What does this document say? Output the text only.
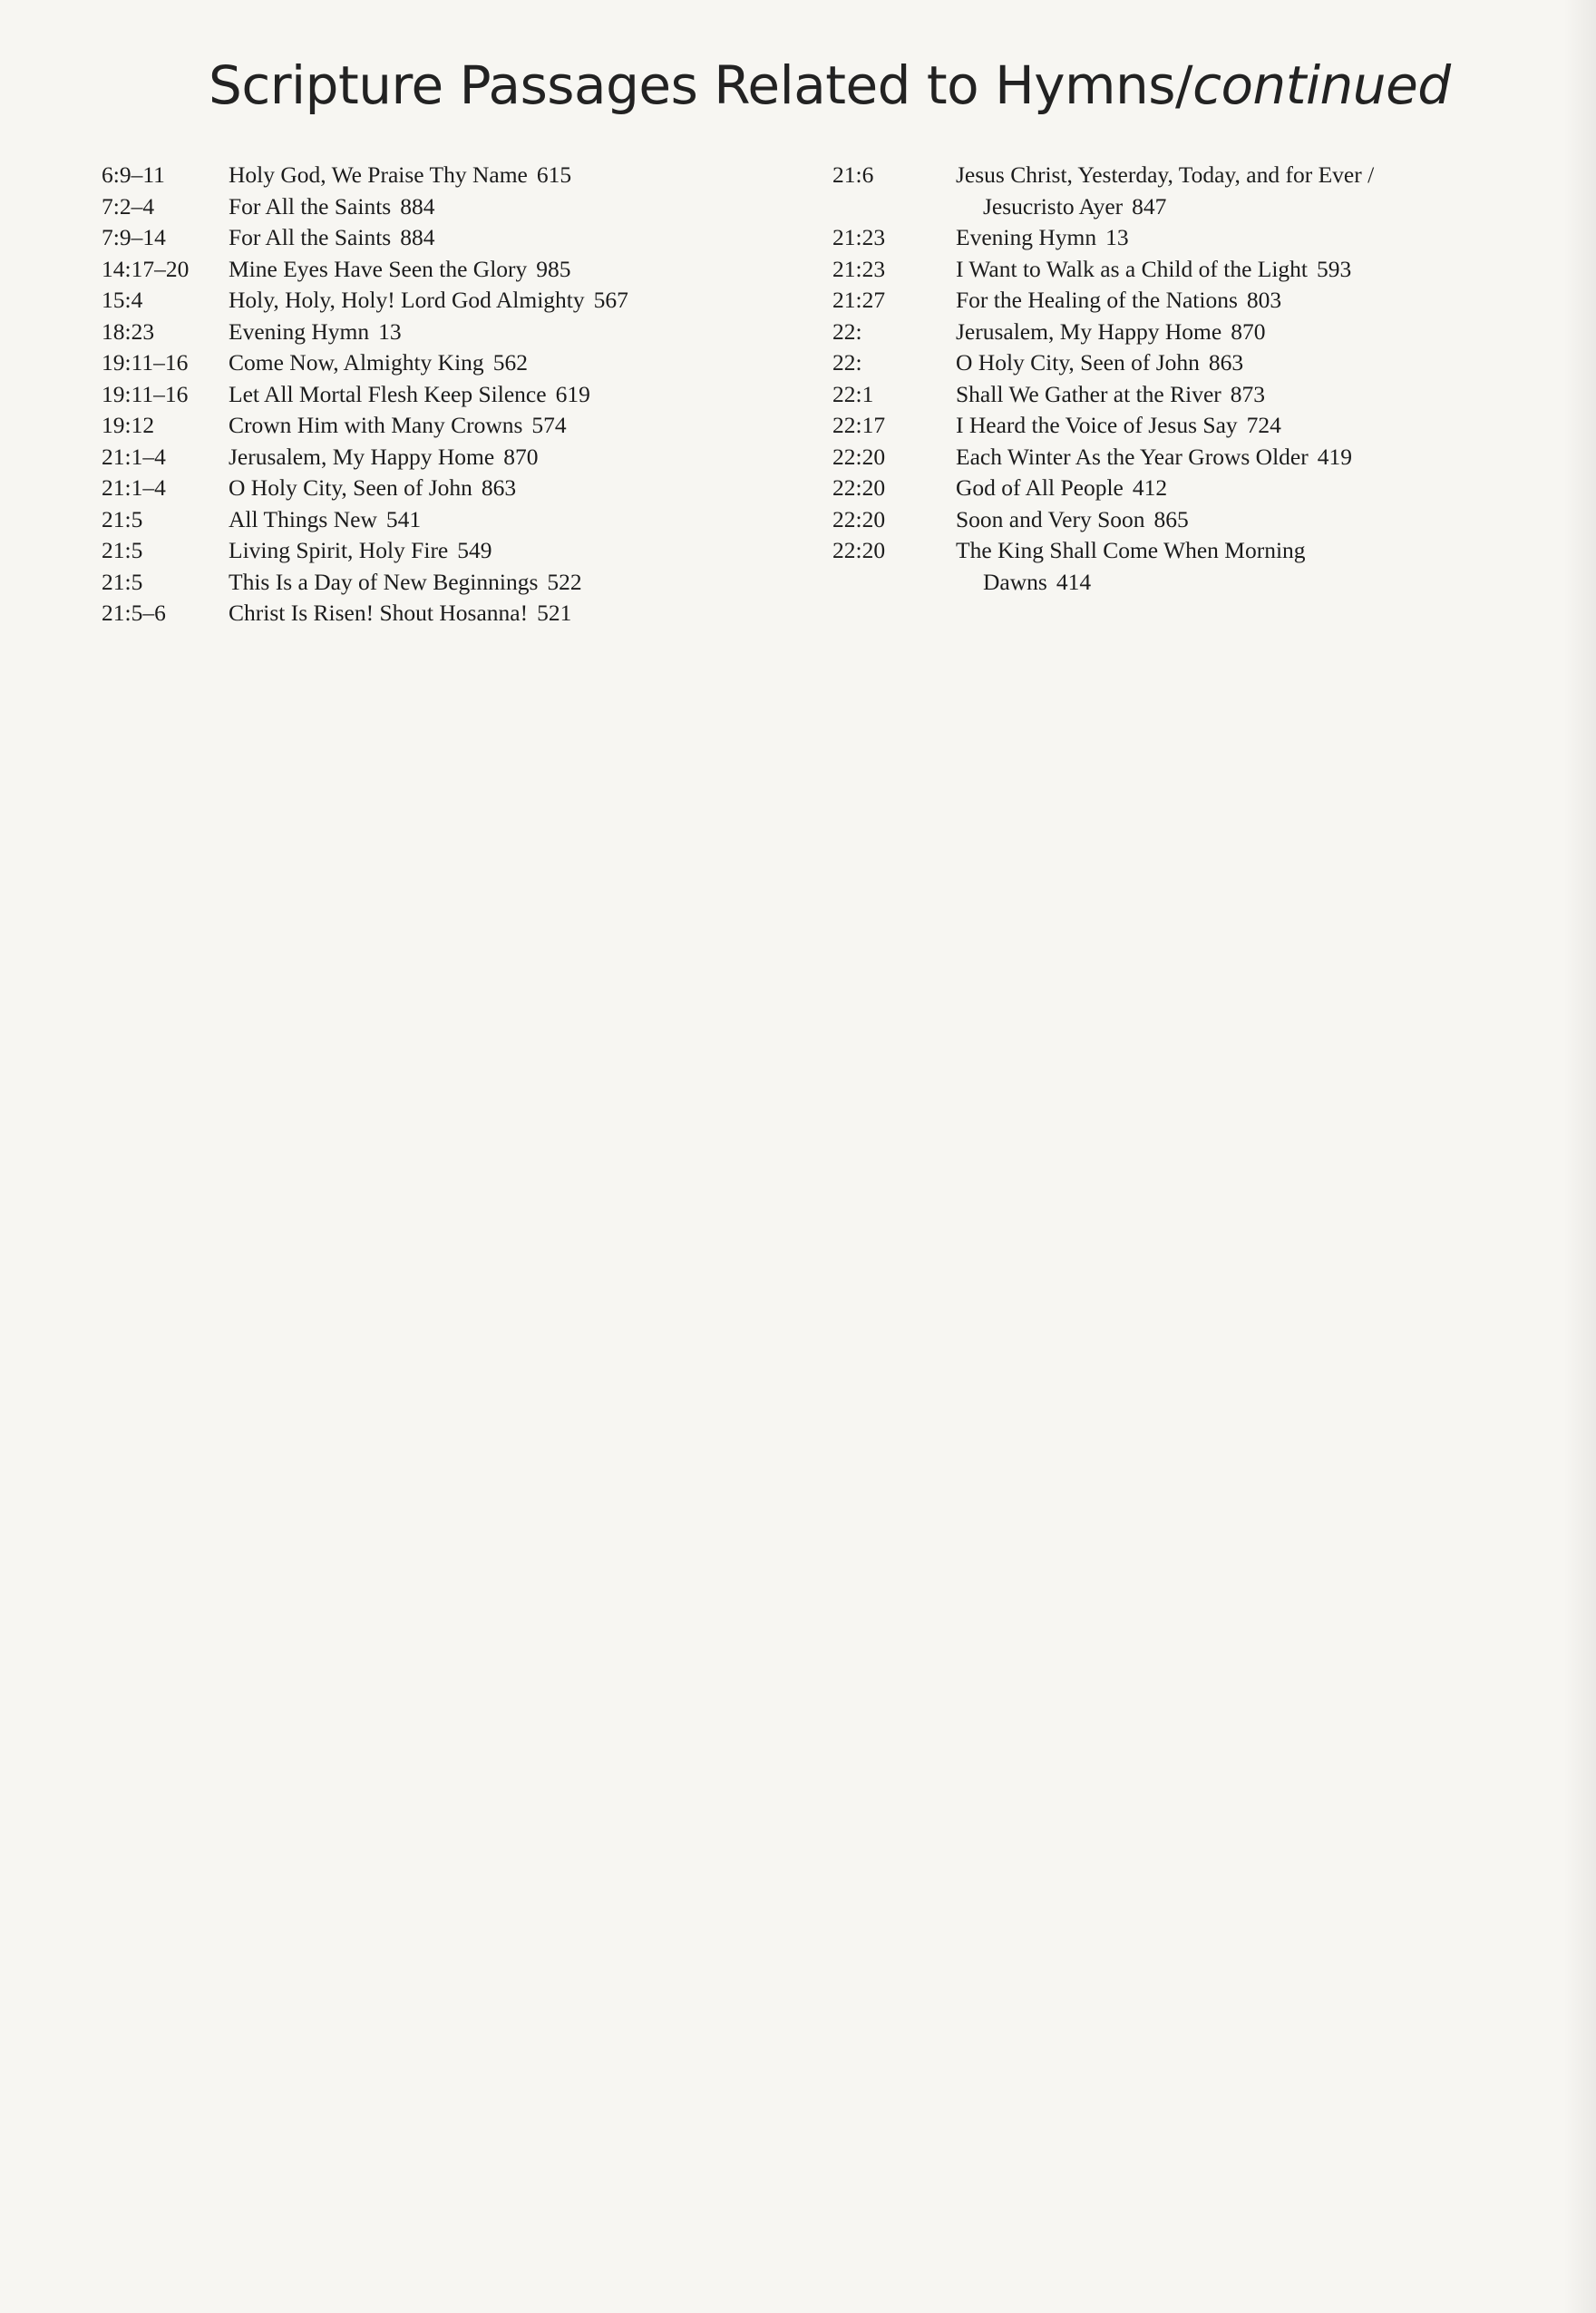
Scripture Passages Related to Hymns/continued
6:9–11	Holy God, We Praise Thy Name 615
7:2–4	For All the Saints 884
7:9–14	For All the Saints 884
14:17–20	Mine Eyes Have Seen the Glory 985
15:4	Holy, Holy, Holy! Lord God Almighty 567
18:23	Evening Hymn 13
19:11–16	Come Now, Almighty King 562
19:11–16	Let All Mortal Flesh Keep Silence 619
19:12	Crown Him with Many Crowns 574
21:1–4	Jerusalem, My Happy Home 870
21:1–4	O Holy City, Seen of John 863
21:5	All Things New 541
21:5	Living Spirit, Holy Fire 549
21:5	This Is a Day of New Beginnings 522
21:5–6	Christ Is Risen! Shout Hosanna! 521
21:6	Jesus Christ, Yesterday, Today, and for Ever / Jesucristo Ayer 847
21:23	Evening Hymn 13
21:23	I Want to Walk as a Child of the Light 593
21:27	For the Healing of the Nations 803
22:	Jerusalem, My Happy Home 870
22:	O Holy City, Seen of John 863
22:1	Shall We Gather at the River 873
22:17	I Heard the Voice of Jesus Say 724
22:20	Each Winter As the Year Grows Older 419
22:20	God of All People 412
22:20	Soon and Very Soon 865
22:20	The King Shall Come When Morning Dawns 414
